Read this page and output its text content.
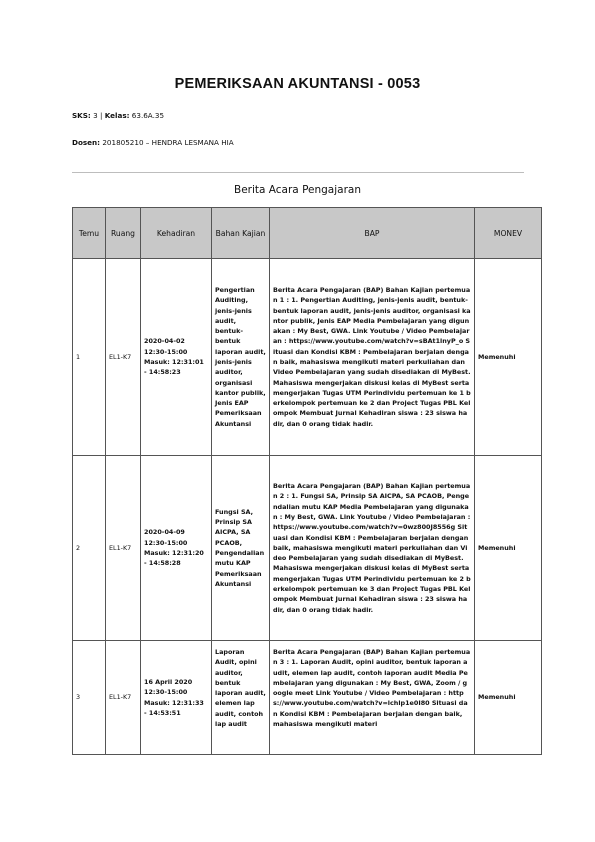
PEMERIKSAAN AKUNTANSI - 0053
SKS: 3 | Kelas: 63.6A.35
Dosen: 201805210 – HENDRA LESMANA HIA
Berita Acara Pengajaran
Temu	Ruang	Kehadiran	Bahan Kajian	BAP	MONEV
1	EL1-K7	2020-04-02 12:30-15:00 Masuk: 12:31:01 - 14:58:23	Pengertian Auditing, jenis-jenis audit, bentuk-bentuk laporan audit, jenis-jenis auditor, organisasi kantor publik, Jenis EAP Pemeriksaan Akuntansi	Berita Acara Pengajaran (BAP) Bahan Kajian pertemuan 1 : 1. Pengertian Auditing, jenis-jenis audit, bentuk-bentuk laporan audit, jenis-jenis auditor, organisasi kantor publik, Jenis EAP Media Pembelajaran yang digunakan : My Best, GWA. Link Youtube / Video Pembelajaran : https://www.youtube.com/watch?v=sBAt1lnyP_o Situasi dan Kondisi KBM : Pembelajaran berjalan dengan baik, mahasiswa mengikuti materi perkuliahan dan Video Pembelajaran yang sudah disediakan di MyBest. Mahasiswa mengerjakan diskusi kelas di MyBest serta mengerjakan Tugas UTM Perindividu pertemuan ke 1 berkelompok pertemuan ke 2 dan Project Tugas PBL Kelompok Membuat Jurnal Kehadiran siswa : 23 siswa hadir, dan 0 orang tidak hadir.	Memenuhi
2	EL1-K7	2020-04-09 12:30-15:00 Masuk: 12:31:20 - 14:58:28	Fungsi SA, Prinsip SA AICPA, SA PCAOB, Pengendalian mutu KAP Pemeriksaan Akuntansi	Berita Acara Pengajaran (BAP) Bahan Kajian pertemuan 2 : 1. Fungsi SA, Prinsip SA AICPA, SA PCAOB, Pengendalian mutu KAP Media Pembelajaran yang digunakan : My Best, GWA. Link Youtube / Video Pembelajaran : https://www.youtube.com/watch?v=0wz800J8556g Situasi dan Kondisi KBM : Pembelajaran berjalan dengan baik, mahasiswa mengikuti materi perkuliahan dan Video Pembelajaran yang sudah disediakan di MyBest. Mahasiswa mengerjakan diskusi kelas di MyBest serta mengerjakan Tugas UTM Perindividu pertemuan ke 2 berkelompok pertemuan ke 3 dan Project Tugas PBL Kelompok Membuat Jurnal Kehadiran siswa : 23 siswa hadir, dan 0 orang tidak hadir.	Memenuhi
3	EL1-K7	16 April 2020 12:30-15:00 Masuk: 12:31:33 - 14:53:51	Laporan Audit, opini auditor, bentuk laporan audit, elemen lap audit, contoh lap audit	Berita Acara Pengajaran (BAP) Bahan Kajian pertemuan 3 : 1. Laporan Audit, opini auditor, bentuk laporan audit, elemen lap audit, contoh laporan audit Media Pembelajaran yang digunakan : My Best, GWA, Zoom / google meet Link Youtube / Video Pembelajaran : https://www.youtube.com/watch?v=lchlp1e0I80 Situasi dan Kondisi KBM : Pembelajaran berjalan dengan baik, mahasiswa mengikuti materi	Memenuhi
